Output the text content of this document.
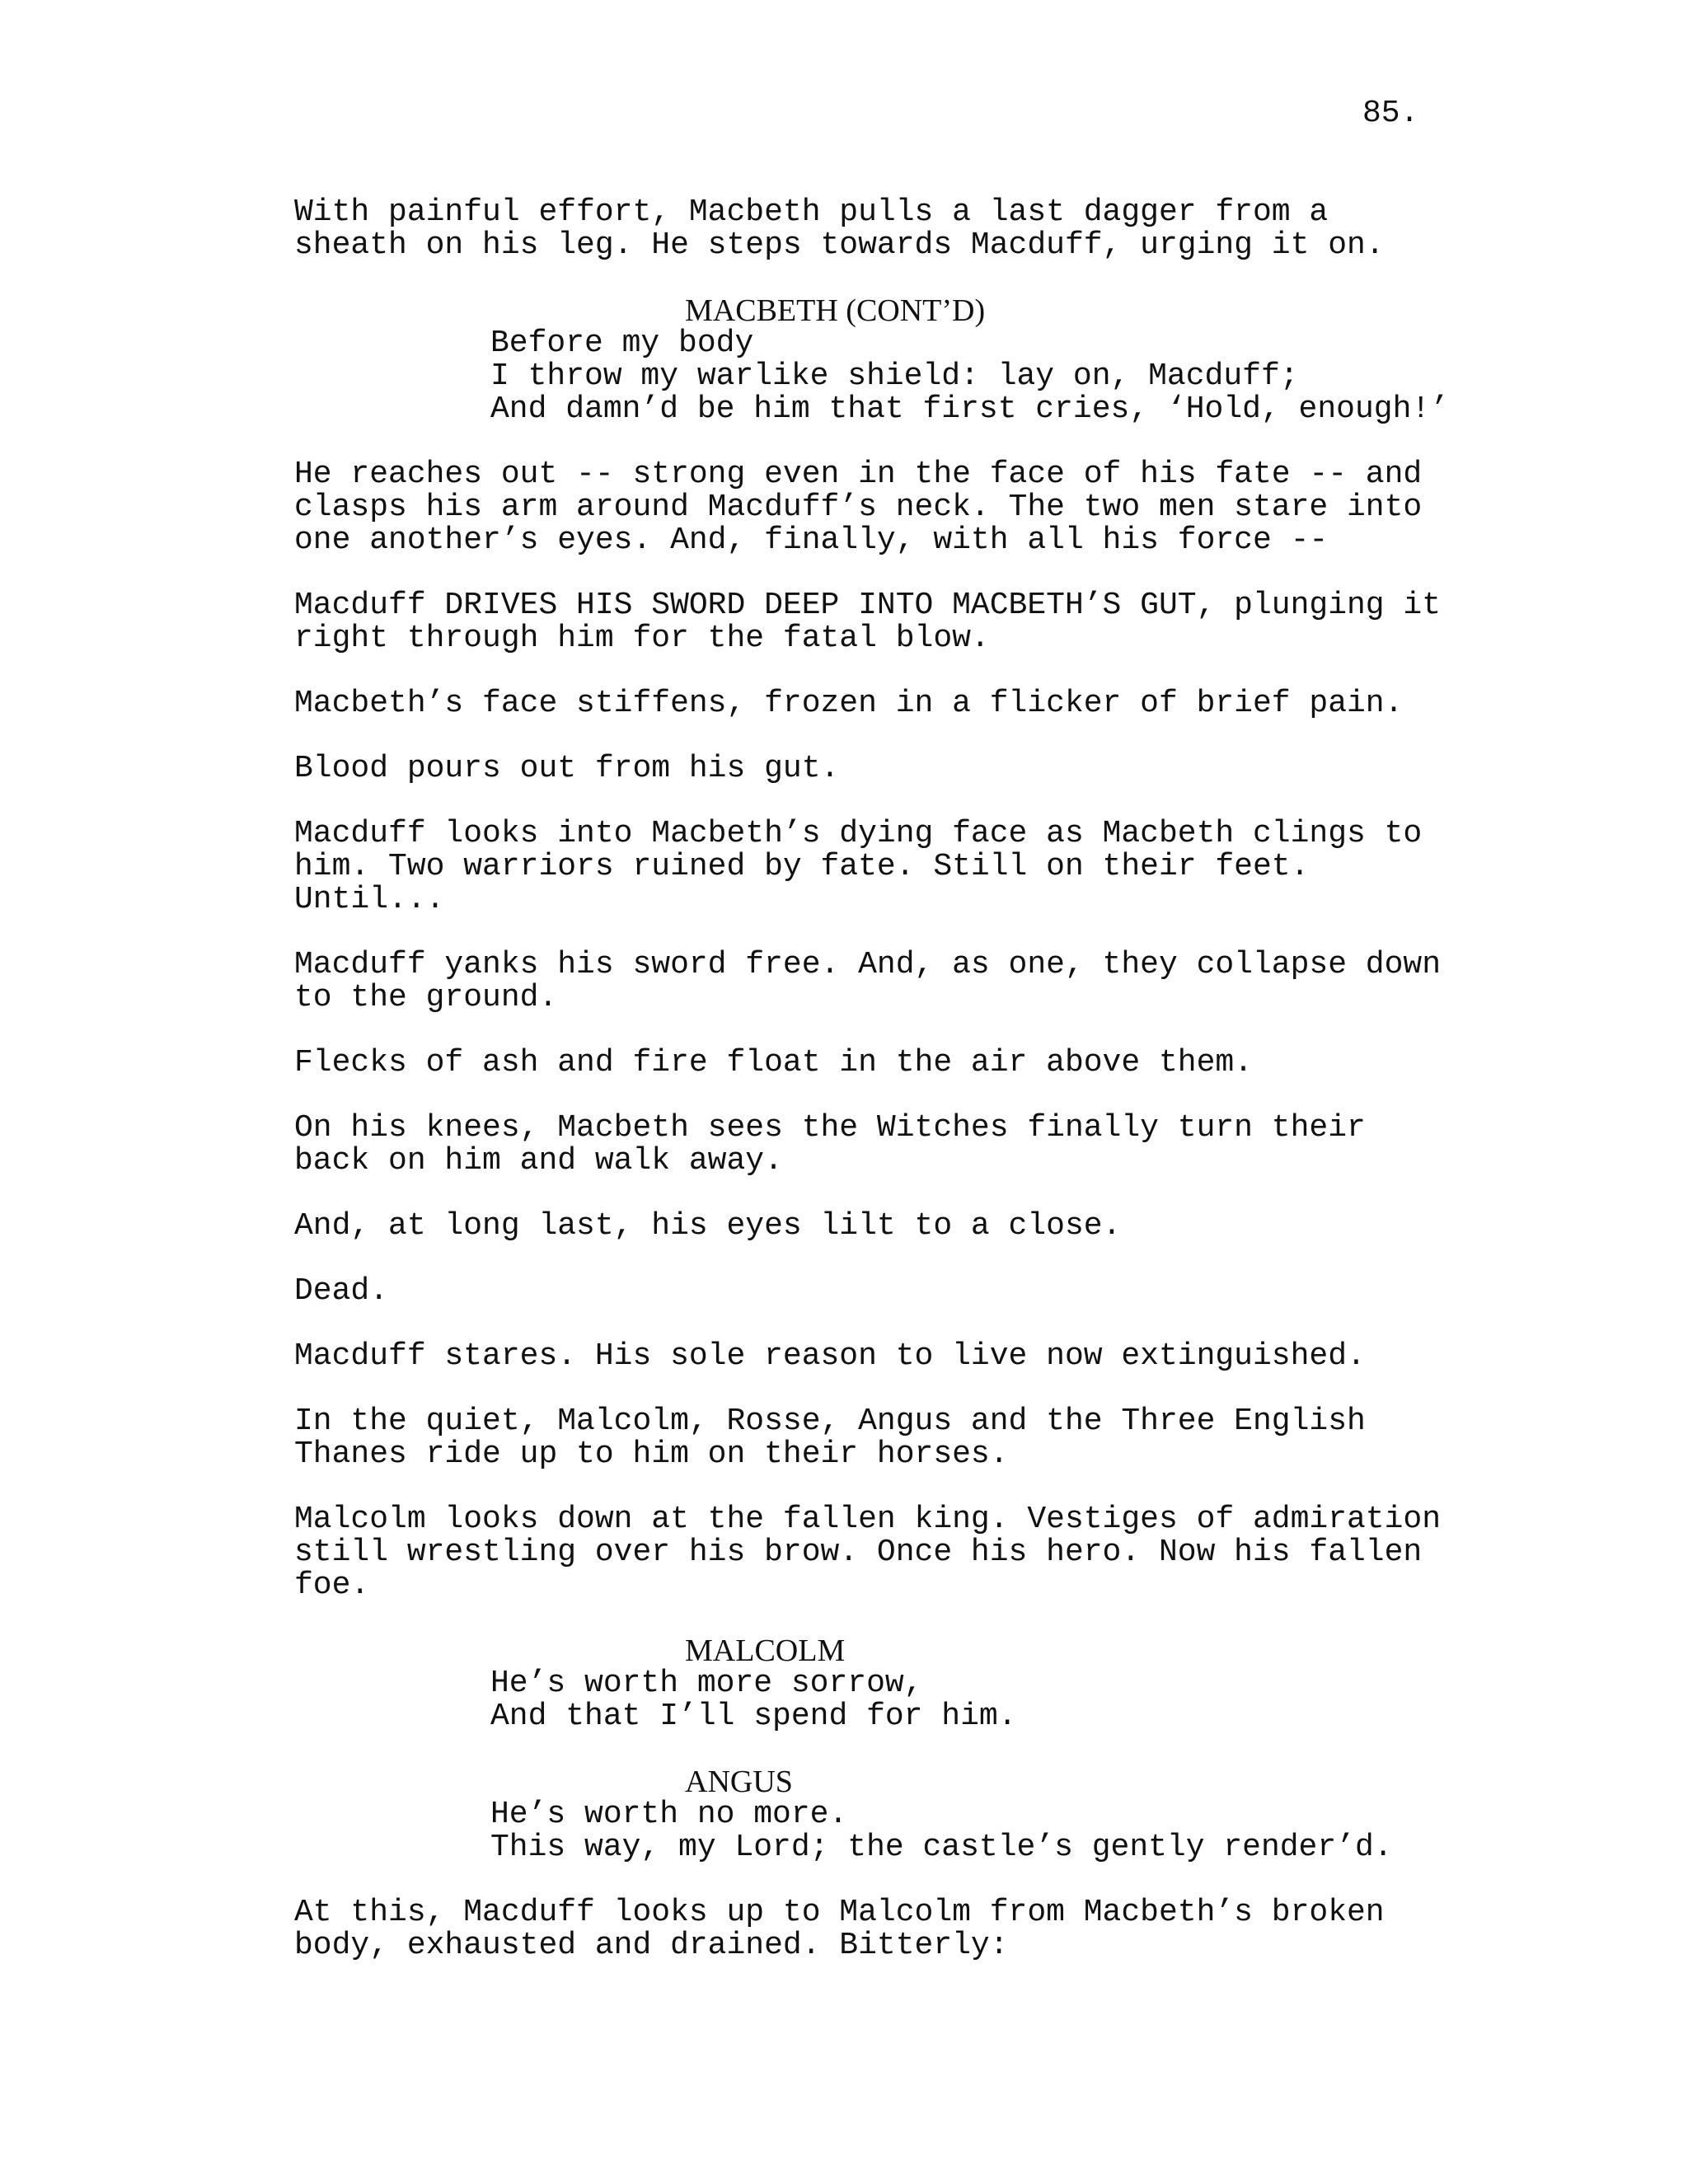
85.
With painful effort, Macbeth pulls a last dagger from a
sheath on his leg. He steps towards Macduff, urging it on.
MACBETH (CONT’D)
Before my body
I throw my warlike shield: lay on, Macduff;
And damn’d be him that first cries, ‘Hold, enough!’
He reaches out -- strong even in the face of his fate -- and
clasps his arm around Macduff’s neck. The two men stare into
one another’s eyes. And, finally, with all his force --
Macduff DRIVES HIS SWORD DEEP INTO MACBETH’S GUT, plunging it
right through him for the fatal blow.
Macbeth’s face stiffens, frozen in a flicker of brief pain.
Blood pours out from his gut.
Macduff looks into Macbeth’s dying face as Macbeth clings to
him. Two warriors ruined by fate. Still on their feet.
Until...
Macduff yanks his sword free. And, as one, they collapse down
to the ground.
Flecks of ash and fire float in the air above them.
On his knees, Macbeth sees the Witches finally turn their
back on him and walk away.
And, at long last, his eyes lilt to a close.
Dead.
Macduff stares. His sole reason to live now extinguished.
In the quiet, Malcolm, Rosse, Angus and the Three English
Thanes ride up to him on their horses.
Malcolm looks down at the fallen king. Vestiges of admiration
still wrestling over his brow. Once his hero. Now his fallen
foe.
MALCOLM
He’s worth more sorrow,
And that I’ll spend for him.
ANGUS
He’s worth no more.
This way, my Lord; the castle’s gently render’d.
At this, Macduff looks up to Malcolm from Macbeth’s broken
body, exhausted and drained. Bitterly:
